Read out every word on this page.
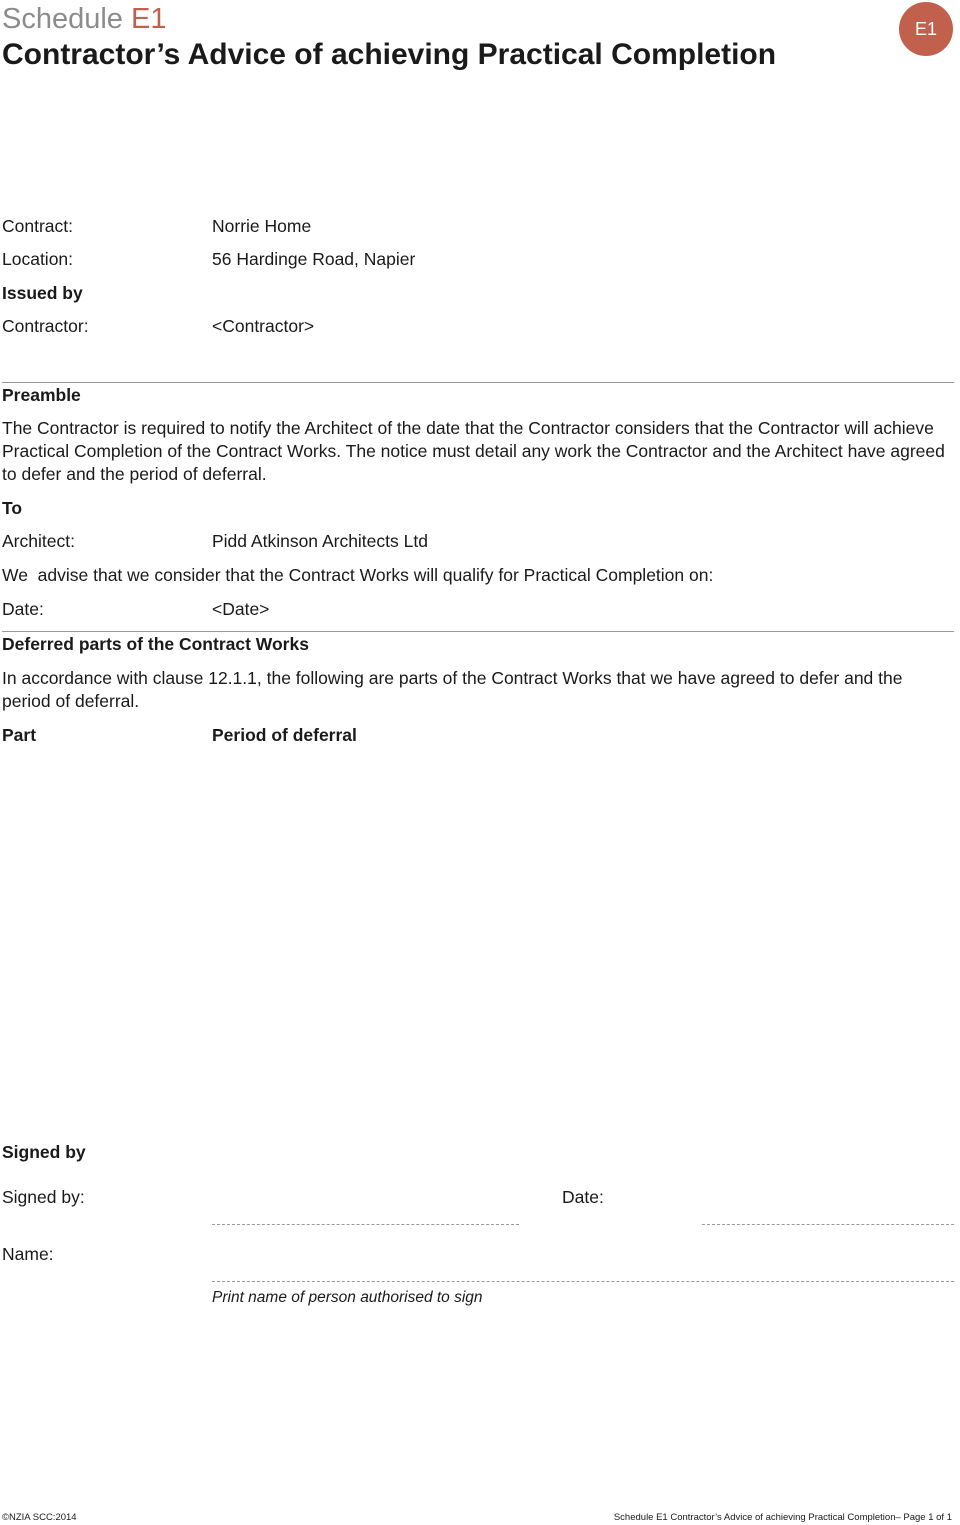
Schedule E1
Contractor’s Advice of achieving Practical Completion
E1
Contract:	Norrie Home
Location:	56 Hardinge Road, Napier
Issued by
Contractor:	<Contractor>
Preamble
The Contractor is required to notify the Architect of the date that the Contractor considers that the Contractor will achieve Practical Completion of the Contract Works. The notice must detail any work the Contractor and the Architect have agreed to defer and the period of deferral.
To
Architect:	Pidd Atkinson Architects Ltd
We  advise that we consider that the Contract Works will qualify for Practical Completion on:
Date:	<Date>
Deferred parts of the Contract Works
In accordance with clause 12.1.1, the following are parts of the Contract Works that we have agreed to defer and the period of deferral.
Part	Period of deferral
Signed by
Signed by:	Date:
Name:
Print name of person authorised to sign
©NZIA SCC:2014	Schedule E1 Contractor’s Advice of achieving Practical Completion– Page 1 of 1
